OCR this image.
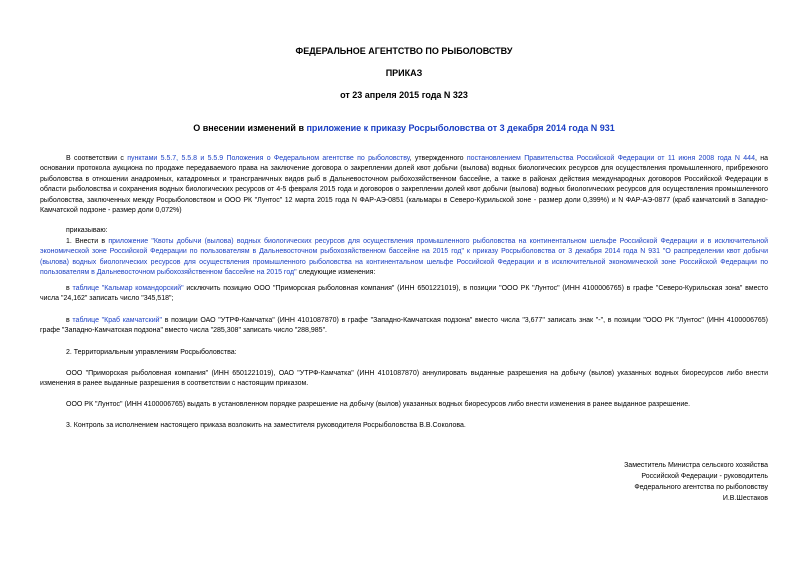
ФЕДЕРАЛЬНОЕ АГЕНТСТВО ПО РЫБОЛОВСТВУ
ПРИКАЗ
от 23 апреля 2015 года N 323
О внесении изменений в приложение к приказу Росрыболовства от 3 декабря 2014 года N 931

В соответствии с пунктами 5.5.7, 5.5.8 и 5.5.9 Положения о Федеральном агентстве по рыболовству, утвержденного постановлением Правительства Российской Федерации от 11 июня 2008 года N 444, на основании протокола аукциона по продаже передаваемого права на заключение договора о закреплении долей квот добычи (вылова) водных биологических ресурсов для осуществления промышленного, прибрежного рыболовства в отношении анадромных, катадромных и трансграничных видов рыб в Дальневосточном рыбохозяйственном бассейне, а также в районах действия международных договоров Российской Федерации в области рыболовства и сохранения водных биологических ресурсов от 4-5 февраля 2015 года и договоров о закреплении долей квот добычи (вылова) водных биологических ресурсов для осуществления промышленного рыболовства, заключенных между Росрыболовством и ООО РК "Лунтос" 12 марта 2015 года N ФАР-АЭ-0851 (кальмары в Северо-Курильской зоне - размер доли 0,399%) и N ФАР-АЭ-0877 (краб камчатский в Западно-Камчатской подзоне - размер доли 0,072%)

приказываю:

1. Внести в приложение "Квоты добычи (вылова) водных биологических ресурсов для осуществления промышленного рыболовства на континентальном шельфе Российской Федерации и в исключительной экономической зоне Российской Федерации по пользователям в Дальневосточном рыбохозяйственном бассейне на 2015 год" к приказу Росрыболовства от 3 декабря 2014 года N 931 "О распределении квот добычи (вылова) водных биологических ресурсов для осуществления промышленного рыболовства на континентальном шельфе Российской Федерации и в исключительной экономической зоне Российской Федерации по пользователям в Дальневосточном рыбохозяйственном бассейне на 2015 год" следующие изменения:

в таблице "Кальмар командорский" исключить позицию ООО "Приморская рыболовная компания" (ИНН 6501221019), в позиции "ООО РК "Лунтос" (ИНН 4100006765) в графе "Северо-Курильская зона" вместо числа "24,162" записать число "345,518";

в таблице "Краб камчатский" в позиции ОАО "УТРФ-Камчатка" (ИНН 4101087870) в графе "Западно-Камчатская подзона" вместо числа "3,677" записать знак "-", в позиции "ООО РК "Лунтос" (ИНН 4100006765) графе "Западно-Камчатская подзона" вместо числа "285,308" записать число "288,985".

2. Территориальным управлениям Росрыболовства:

ООО "Приморская рыболовная компания" (ИНН 6501221019), ОАО "УТРФ-Камчатка" (ИНН 4101087870) аннулировать выданные разрешения на добычу (вылов) указанных водных биоресурсов либо внести изменения в ранее выданные разрешения в соответствии с настоящим приказом.

ООО РК "Лунтос" (ИНН 4100006765) выдать в установленном порядке разрешение на добычу (вылов) указанных водных биоресурсов либо внести изменения в ранее выданное разрешение.

3. Контроль за исполнением настоящего приказа возложить на заместителя руководителя Росрыболовства В.В.Соколова.

Заместитель Министра сельского хозяйства
Российской Федерации - руководитель
Федерального агентства по рыболовству
И.В.Шестаков
